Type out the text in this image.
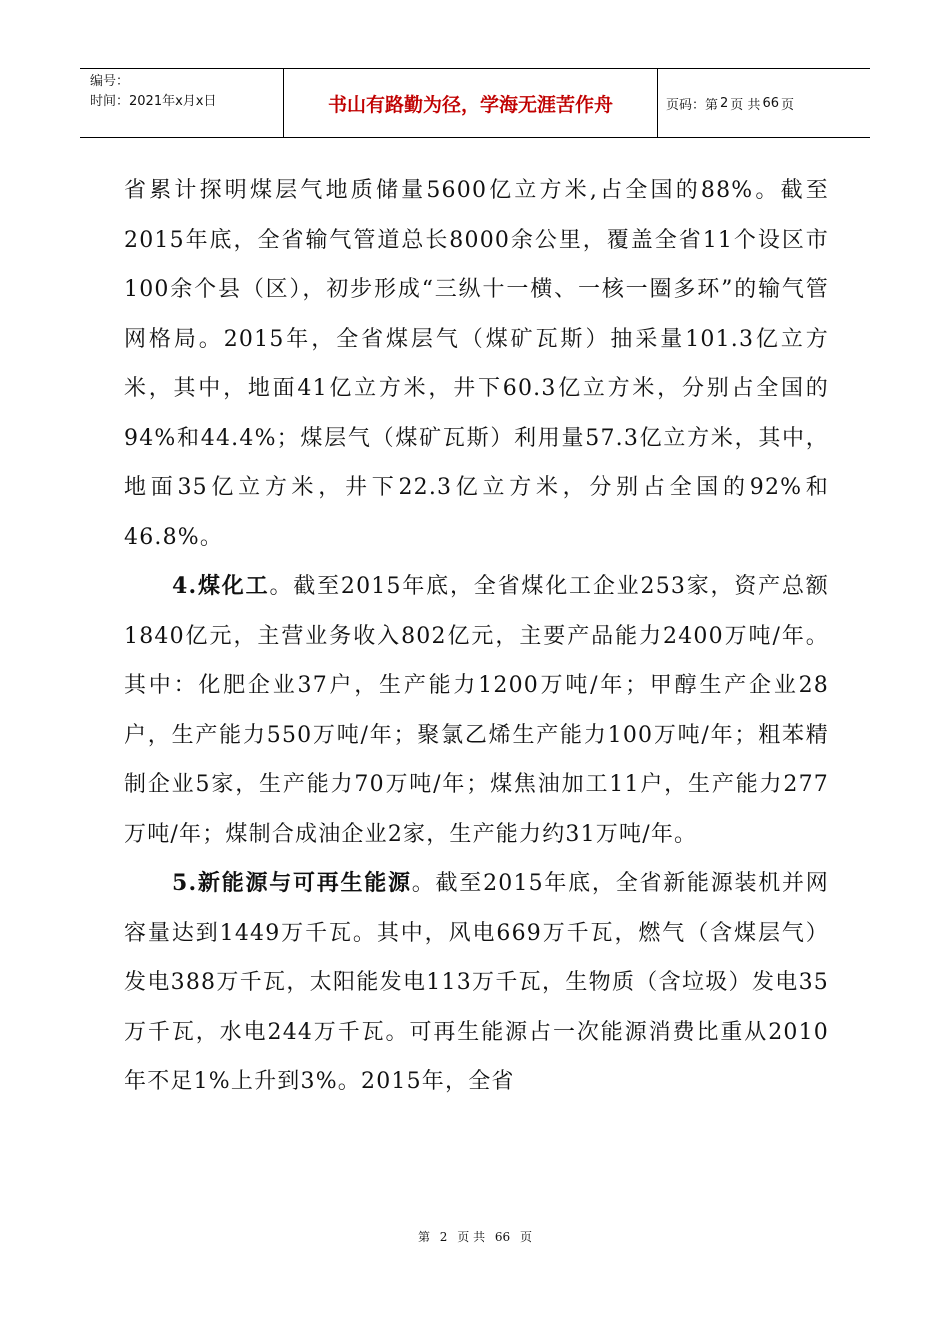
编号：
时间：2021年x月x日	书山有路勤为径，学海无涯苦作舟	页码：第 2 页 共 66 页

省累计探明煤层气地质储量5600亿立方米,占全国的88%。截至2015年底，全省输气管道总长8000余公里，覆盖全省11个设区市100余个县（区），初步形成“三纵十一横、一核一圈多环”的输气管网格局。2015年，全省煤层气（煤矿瓦斯）抽采量101.3亿立方米，其中，地面41亿立方米，井下60.3亿立方米，分别占全国的94%和44.4%；煤层气（煤矿瓦斯）利用量57.3亿立方米，其中，地面35亿立方米，井下22.3亿立方米，分别占全国的92%和46.8%。

4.煤化工。截至2015年底，全省煤化工企业253家，资产总额1840亿元，主营业务收入802亿元，主要产品能力2400万吨/年。其中：化肥企业37户，生产能力1200万吨/年；甲醇生产企业28户，生产能力550万吨/年；聚氯乙烯生产能力100万吨/年；粗苯精制企业5家，生产能力70万吨/年；煤焦油加工11户，生产能力277万吨/年；煤制合成油企业2家，生产能力约31万吨/年。

5.新能源与可再生能源。截至2015年底，全省新能源装机并网容量达到1449万千瓦。其中，风电669万千瓦，燃气（含煤层气）发电388万千瓦，太阳能发电113万千瓦，生物质（含垃圾）发电35万千瓦，水电244万千瓦。可再生能源占一次能源消费比重从2010年不足1%上升到3%。2015年，全省

第 2 页 共 66 页
